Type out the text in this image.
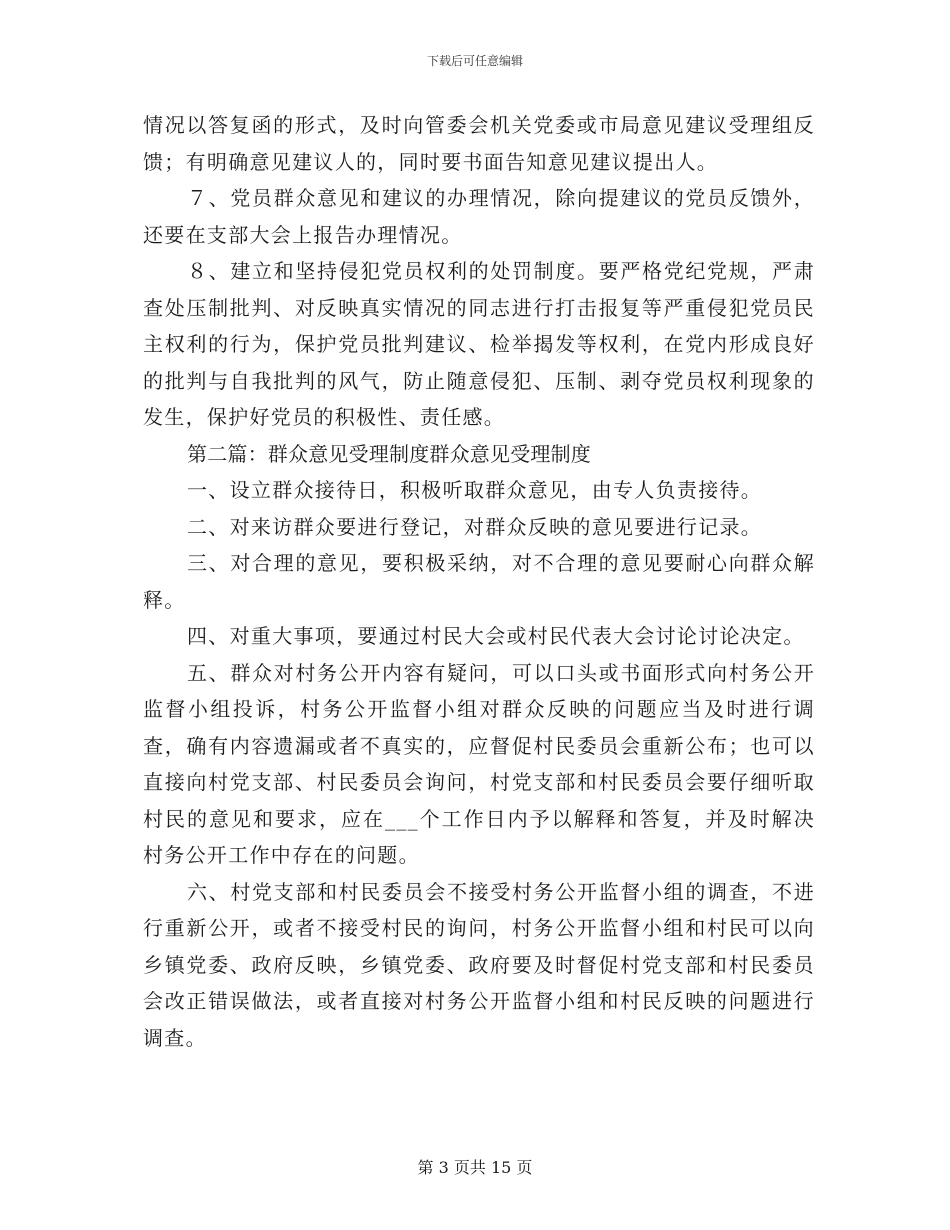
下载后可任意编辑

情况以答复函的形式，及时向管委会机关党委或市局意见建议受理组反馈；有明确意见建议人的，同时要书面告知意见建议提出人。

７、党员群众意见和建议的办理情况，除向提建议的党员反馈外，还要在支部大会上报告办理情况。

８、建立和坚持侵犯党员权利的处罚制度。要严格党纪党规，严肃查处压制批判、对反映真实情况的同志进行打击报复等严重侵犯党员民主权利的行为，保护党员批判建议、检举揭发等权利，在党内形成良好的批判与自我批判的风气，防止随意侵犯、压制、剥夺党员权利现象的发生，保护好党员的积极性、责任感。

第二篇：群众意见受理制度群众意见受理制度

一、设立群众接待日，积极听取群众意见，由专人负责接待。

二、对来访群众要进行登记，对群众反映的意见要进行记录。

三、对合理的意见，要积极采纳，对不合理的意见要耐心向群众解释。

四、对重大事项，要通过村民大会或村民代表大会讨论讨论决定。

五、群众对村务公开内容有疑问，可以口头或书面形式向村务公开监督小组投诉，村务公开监督小组对群众反映的问题应当及时进行调查，确有内容遗漏或者不真实的，应督促村民委员会重新公布；也可以直接向村党支部、村民委员会询问，村党支部和村民委员会要仔细听取村民的意见和要求，应在___个工作日内予以解释和答复，并及时解决村务公开工作中存在的问题。

六、村党支部和村民委员会不接受村务公开监督小组的调查，不进行重新公开，或者不接受村民的询问，村务公开监督小组和村民可以向乡镇党委、政府反映，乡镇党委、政府要及时督促村党支部和村民委员会改正错误做法，或者直接对村务公开监督小组和村民反映的问题进行调查。

第 3 页共 15 页
